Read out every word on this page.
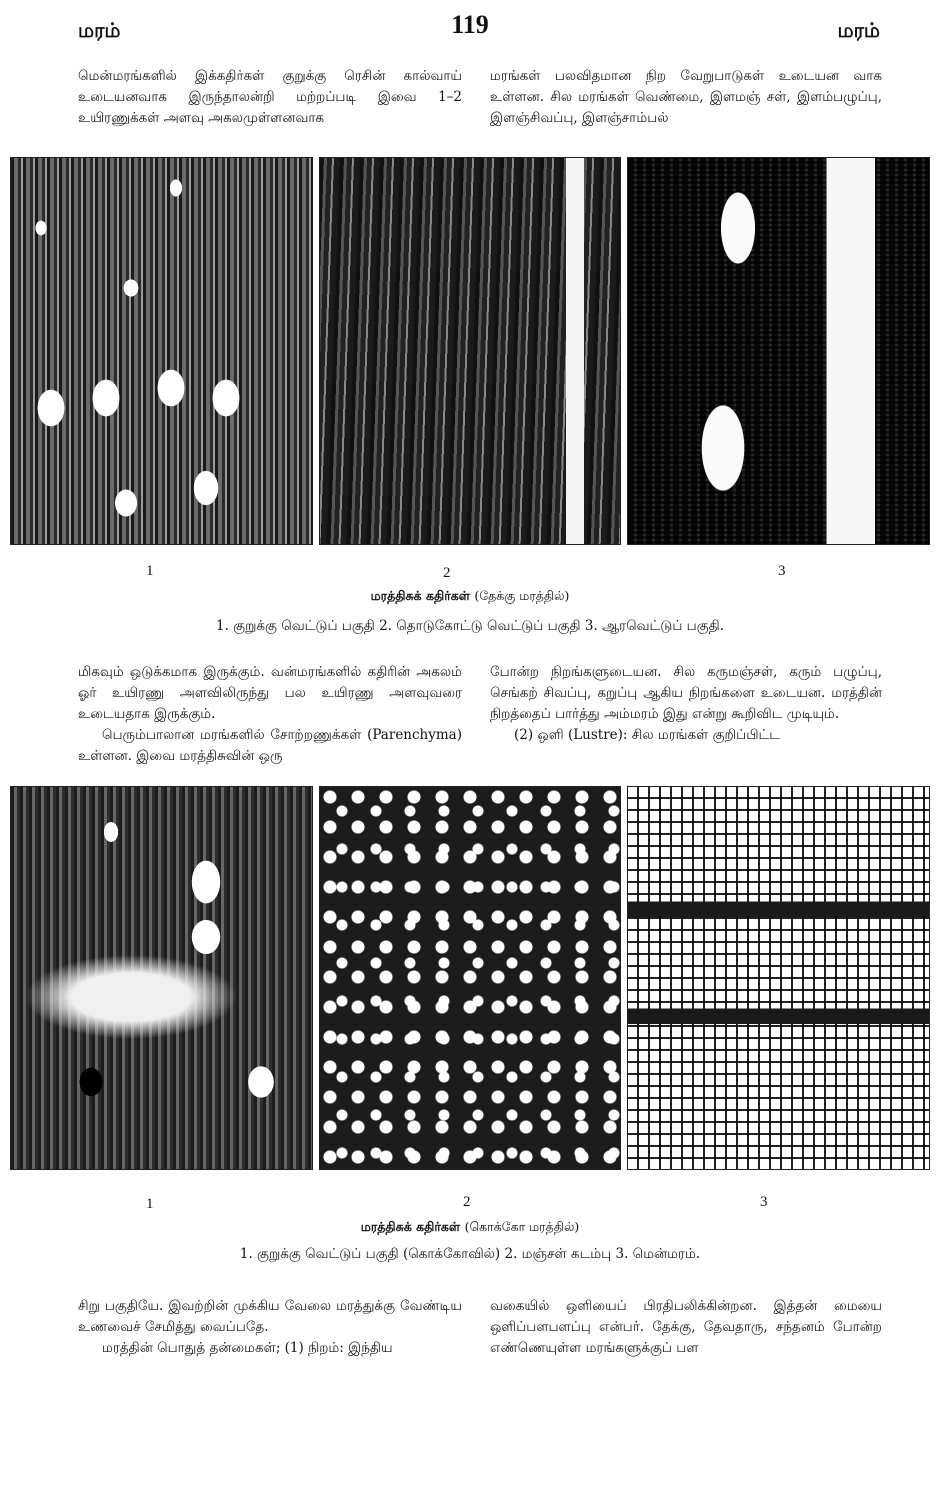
மரம்	119	மரம்

மென்மரங்களில் இக்கதிர்கள் குறுக்கு ரெசின் கால்வாய் உடையனவாக இருந்தாலன்றி மற்றப்படி இவை 1–2 உயிரணுக்கள் அளவு அகலமுள்ளனவாக

மரங்கள் பலவிதமான நிற வேறுபாடுகள் உடையன வாக உள்ளன. சில மரங்கள் வெண்மை, இளமஞ் சள், இளம்பழுப்பு, இளஞ்சிவப்பு, இளஞ்சாம்பல்

1	2	3
மரத்திசுக் கதிர்கள் (தேக்கு மரத்தில்)
1. குறுக்கு வெட்டுப் பகுதி 2. தொடுகோட்டு வெட்டுப் பகுதி 3. ஆரவெட்டுப் பகுதி.

மிகவும் ஒடுக்கமாக இருக்கும். வன்மரங்களில் கதிரின் அகலம் ஓர் உயிரணு அளவிலிருந்து பல உயிரணு அளவுவரை உடையதாக இருக்கும்.

பெரும்பாலான மரங்களில் சோற்றணுக்கள் (Parenchyma) உள்ளன. இவை மரத்திசுவின் ஒரு

போன்ற நிறங்களுடையன. சில கருமஞ்சள், கரும் பழுப்பு, செங்கற் சிவப்பு, கறுப்பு ஆகிய நிறங்களை உடையன. மரத்தின் நிறத்தைப் பார்த்து அம்மரம் இது என்று கூறிவிட முடியும்.

(2) ஒளி (Lustre): சில மரங்கள் குறிப்பிட்ட

1	2	3
மரத்திசுக் கதிர்கள் (கொக்கோ மரத்தில்)
1. குறுக்கு வெட்டுப் பகுதி (கொக்கோவில்) 2. மஞ்சள் கடம்பு 3. மென்மரம்.

சிறு பகுதியே. இவற்றின் முக்கிய வேலை மரத்துக்கு வேண்டிய உணவைச் சேமித்து வைப்பதே.

மரத்தின் பொதுத் தன்மைகள்; (1) நிறம்: இந்திய

வகையில் ஒளியைப் பிரதிபலிக்கின்றன. இத்தன் மையை ஒளிப்பளபளப்பு என்பர். தேக்கு, தேவதாரு, சந்தனம் போன்ற எண்ணெயுள்ள மரங்களுக்குப் பள
